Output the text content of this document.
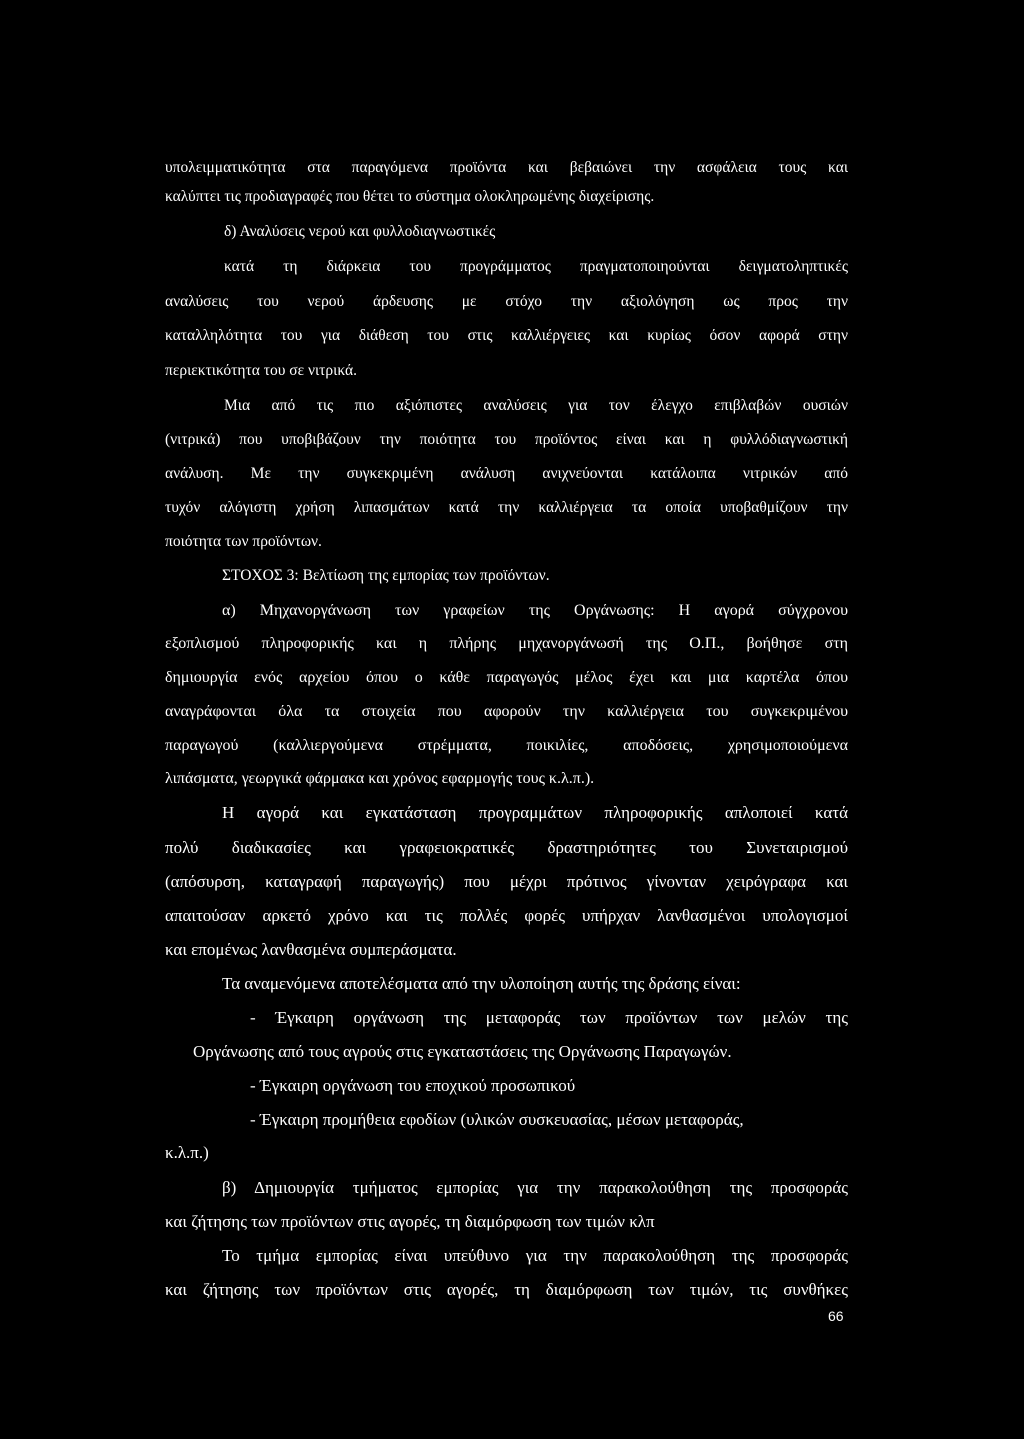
υπολειμματικότητα στα παραγόμενα προϊόντα και βεβαιώνει την ασφάλεια τους και
καλύπτει τις προδιαγραφές που θέτει το σύστημα ολοκληρωμένης διαχείρισης.
δ) Αναλύσεις νερού και φυλλοδιαγνωστικές
κατά τη διάρκεια του προγράμματος πραγματοποιηούνται δειγματοληπτικές
αναλύσεις του νερού άρδευσης με στόχο την αξιολόγηση ως προς την
καταλληλότητα του για διάθεση του στις καλλιέργειες και κυρίως όσον αφορά στην
περιεκτικότητα του σε νιτρικά.
Μια από τις πιο αξιόπιστες αναλύσεις για τον έλεγχο επιβλαβών ουσιών
(νιτρικά) που υποβιβάζουν την ποιότητα του προϊόντος είναι και η φυλλόδιαγνωστική
ανάλυση. Με την συγκεκριμένη ανάλυση ανιχνεύονται κατάλοιπα νιτρικών από
τυχόν αλόγιστη χρήση λιπασμάτων κατά την καλλιέργεια τα οποία υποβαθμίζουν την
ποιότητα των προϊόντων.
ΣΤΟΧΟΣ 3: Βελτίωση της εμπορίας των προϊόντων.
α) Μηχανοργάνωση των γραφείων της Οργάνωσης: Η αγορά σύγχρονου
εξοπλισμού πληροφορικής και η πλήρης μηχανοργάνωσή της Ο.Π., βοήθησε στη
δημιουργία ενός αρχείου όπου ο κάθε παραγωγός μέλος έχει και μια καρτέλα όπου
αναγράφονται όλα τα στοιχεία που αφορούν την καλλιέργεια του συγκεκριμένου
παραγωγού (καλλιεργούμενα στρέμματα, ποικιλίες, αποδόσεις, χρησιμοποιούμενα
λιπάσματα, γεωργικά φάρμακα και χρόνος εφαρμογής τους κ.λ.π.).
Η αγορά και εγκατάσταση προγραμμάτων πληροφορικής απλοποιεί κατά
πολύ διαδικασίες και γραφειοκρατικές δραστηριότητες του Συνεταιρισμού
(απόσυρση, καταγραφή παραγωγής) που μέχρι πρότινος γίνονταν χειρόγραφα και
απαιτούσαν αρκετό χρόνο και τις πολλές φορές υπήρχαν λανθασμένοι υπολογισμοί
και επομένως λανθασμένα συμπεράσματα.
Τα αναμενόμενα αποτελέσματα από την υλοποίηση αυτής της δράσης είναι:
- Έγκαιρη οργάνωση της μεταφοράς των προϊόντων των μελών της
Οργάνωσης από τους αγρούς στις εγκαταστάσεις της Οργάνωσης Παραγωγών.
- Έγκαιρη οργάνωση του εποχικού προσωπικού
- Έγκαιρη προμήθεια εφοδίων (υλικών συσκευασίας, μέσων μεταφοράς,
κ.λ.π.)
β) Δημιουργία τμήματος εμπορίας για την παρακολούθηση της προσφοράς
και ζήτησης των προϊόντων στις αγορές, τη διαμόρφωση των τιμών κλπ
Το τμήμα εμπορίας είναι υπεύθυνο για την παρακολούθηση της προσφοράς
και ζήτησης των προϊόντων στις αγορές, τη διαμόρφωση των τιμών, τις συνθήκες
66
